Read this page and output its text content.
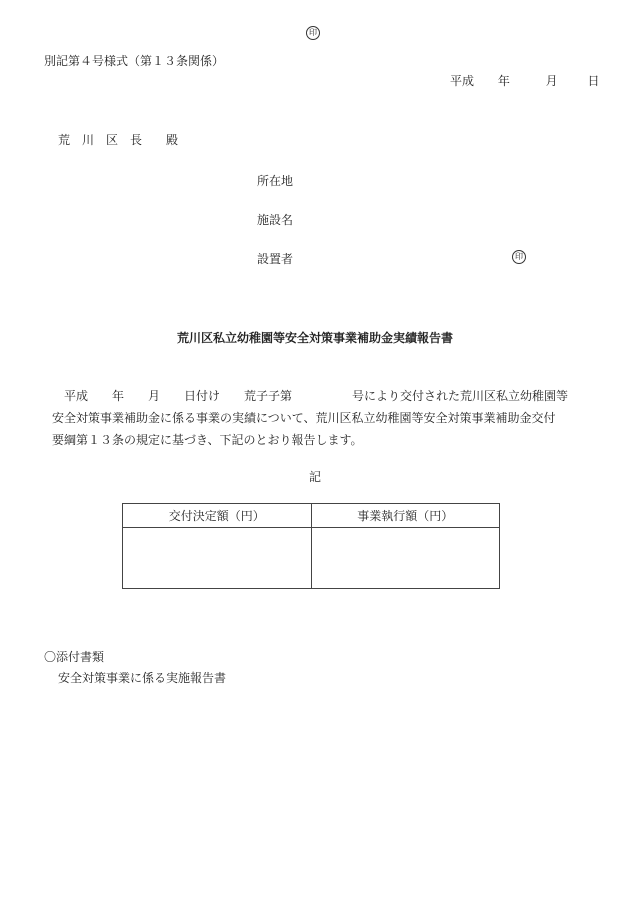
印
別記第４号様式（第１３条関係）
平成 年	月 日
荒　川　区　長　　殿
所在地
施設名
設置者	印
荒川区私立幼稚園等安全対策事業補助金実績報告書
平成　　年　　月　　日付け　　荒子子第　　　　　号により交付された荒川区私立幼稚園等
安全対策事業補助金に係る事業の実績について、荒川区私立幼稚園等安全対策事業補助金交付
要綱第１３条の規定に基づき、下記のとおり報告します。
記
交付決定額（円）	事業執行額（円）

〇添付書類
安全対策事業に係る実施報告書
